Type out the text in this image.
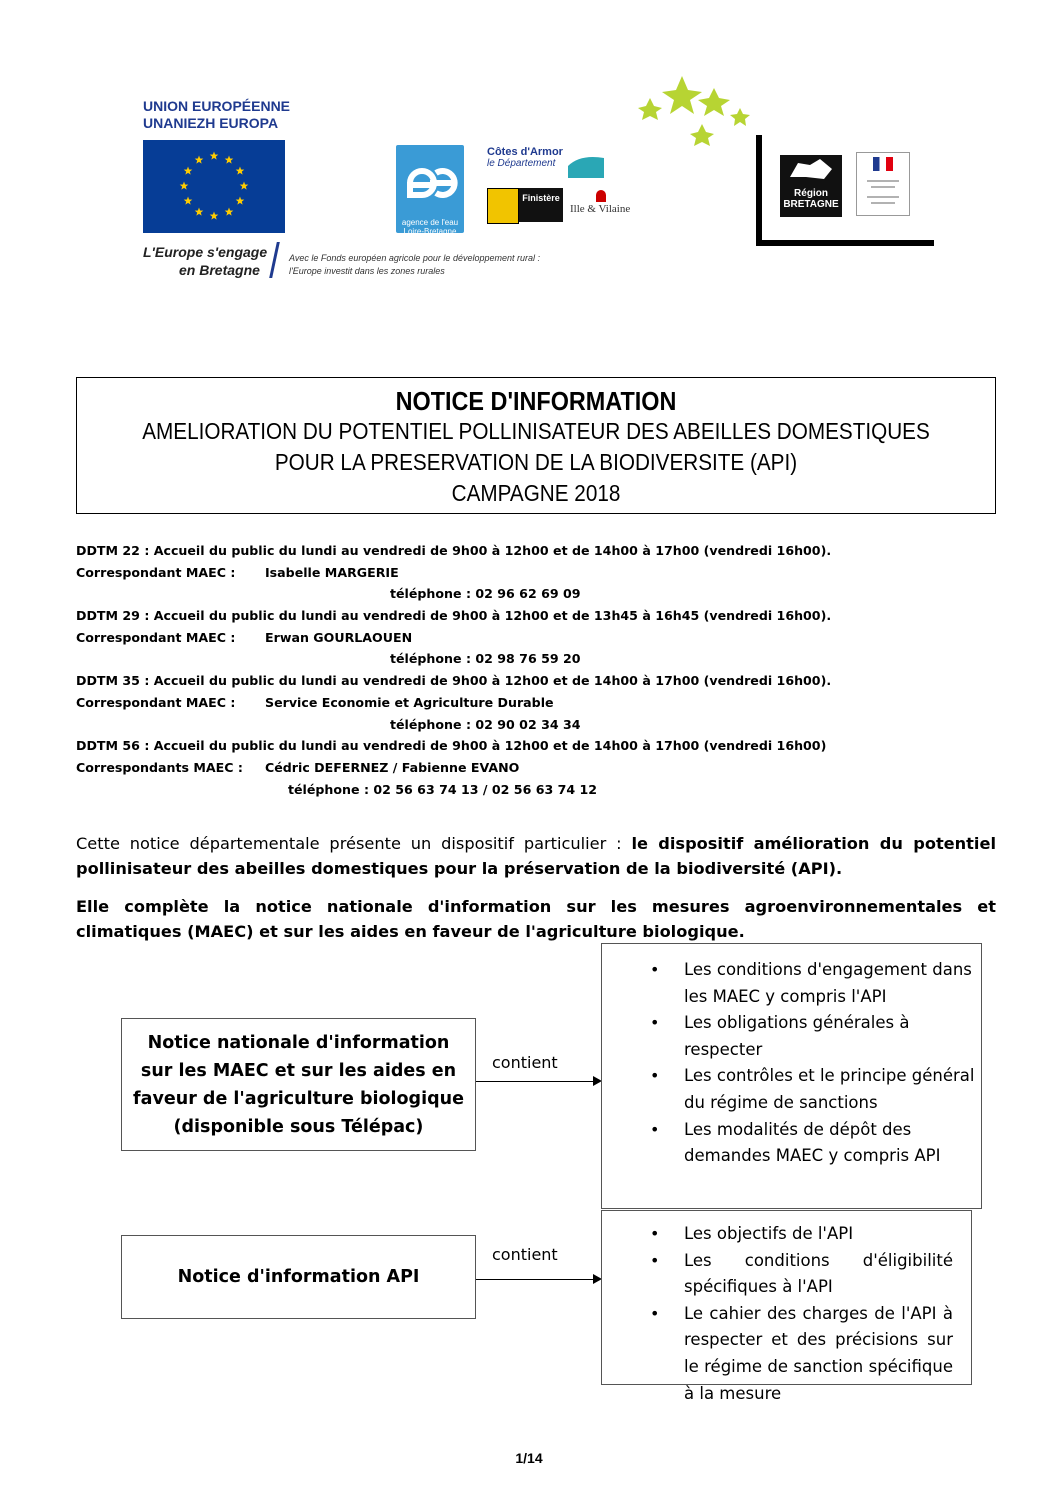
UNION EUROPÉENNE
UNANIEZH EUROPA
L'Europe s'engage
en Bretagne
Avec le Fonds européen agricole pour le développement rural :
l'Europe investit dans les zones rurales
agence de l'eau Loire-Bretagne
Côtes d'Armor
le Département
Finistère
Ille & Vilaine
Région
BRETAGNE
NOTICE D'INFORMATION
AMELIORATION DU POTENTIEL POLLINISATEUR DES ABEILLES DOMESTIQUES
POUR LA PRESERVATION DE LA BIODIVERSITE (API)
CAMPAGNE 2018
DDTM 22 : Accueil du public du lundi au vendredi de 9h00 à 12h00 et de 14h00 à 17h00 (vendredi 16h00).
Correspondant MAEC : Isabelle MARGERIE
téléphone : 02 96 62 69 09
DDTM 29 : Accueil du public du lundi au vendredi de 9h00 à 12h00 et de 13h45 à 16h45 (vendredi 16h00).
Correspondant MAEC : Erwan GOURLAOUEN
téléphone : 02 98 76 59 20
DDTM 35 : Accueil du public du lundi au vendredi de 9h00 à 12h00 et de 14h00 à 17h00 (vendredi 16h00).
Correspondant MAEC : Service Economie et Agriculture Durable
téléphone : 02 90 02 34 34
DDTM 56 : Accueil du public du lundi au vendredi de 9h00 à 12h00 et de 14h00 à 17h00 (vendredi 16h00)
Correspondants MAEC : Cédric DEFERNEZ / Fabienne EVANO
téléphone : 02 56 63 74 13 / 02 56 63 74 12
Cette notice départementale présente un dispositif particulier : le dispositif amélioration du potentiel pollinisateur des abeilles domestiques pour la préservation de la biodiversité (API).
Elle complète la notice nationale d'information sur les mesures agroenvironnementales et climatiques (MAEC) et sur les aides en faveur de l'agriculture biologique.
Notice nationale d'information
sur les MAEC et sur les aides en
faveur de l'agriculture biologique
(disponible sous Télépac)
contient
• Les conditions d'engagement dans les MAEC y compris l'API
• Les obligations générales à respecter
• Les contrôles et le principe général du régime de sanctions
• Les modalités de dépôt des demandes MAEC y compris API
Notice d'information API
contient
• Les objectifs de l'API
• Les conditions d'éligibilité spécifiques à l'API
• Le cahier des charges de l'API à respecter et des précisions sur le régime de sanction spécifique à la mesure
1/14
